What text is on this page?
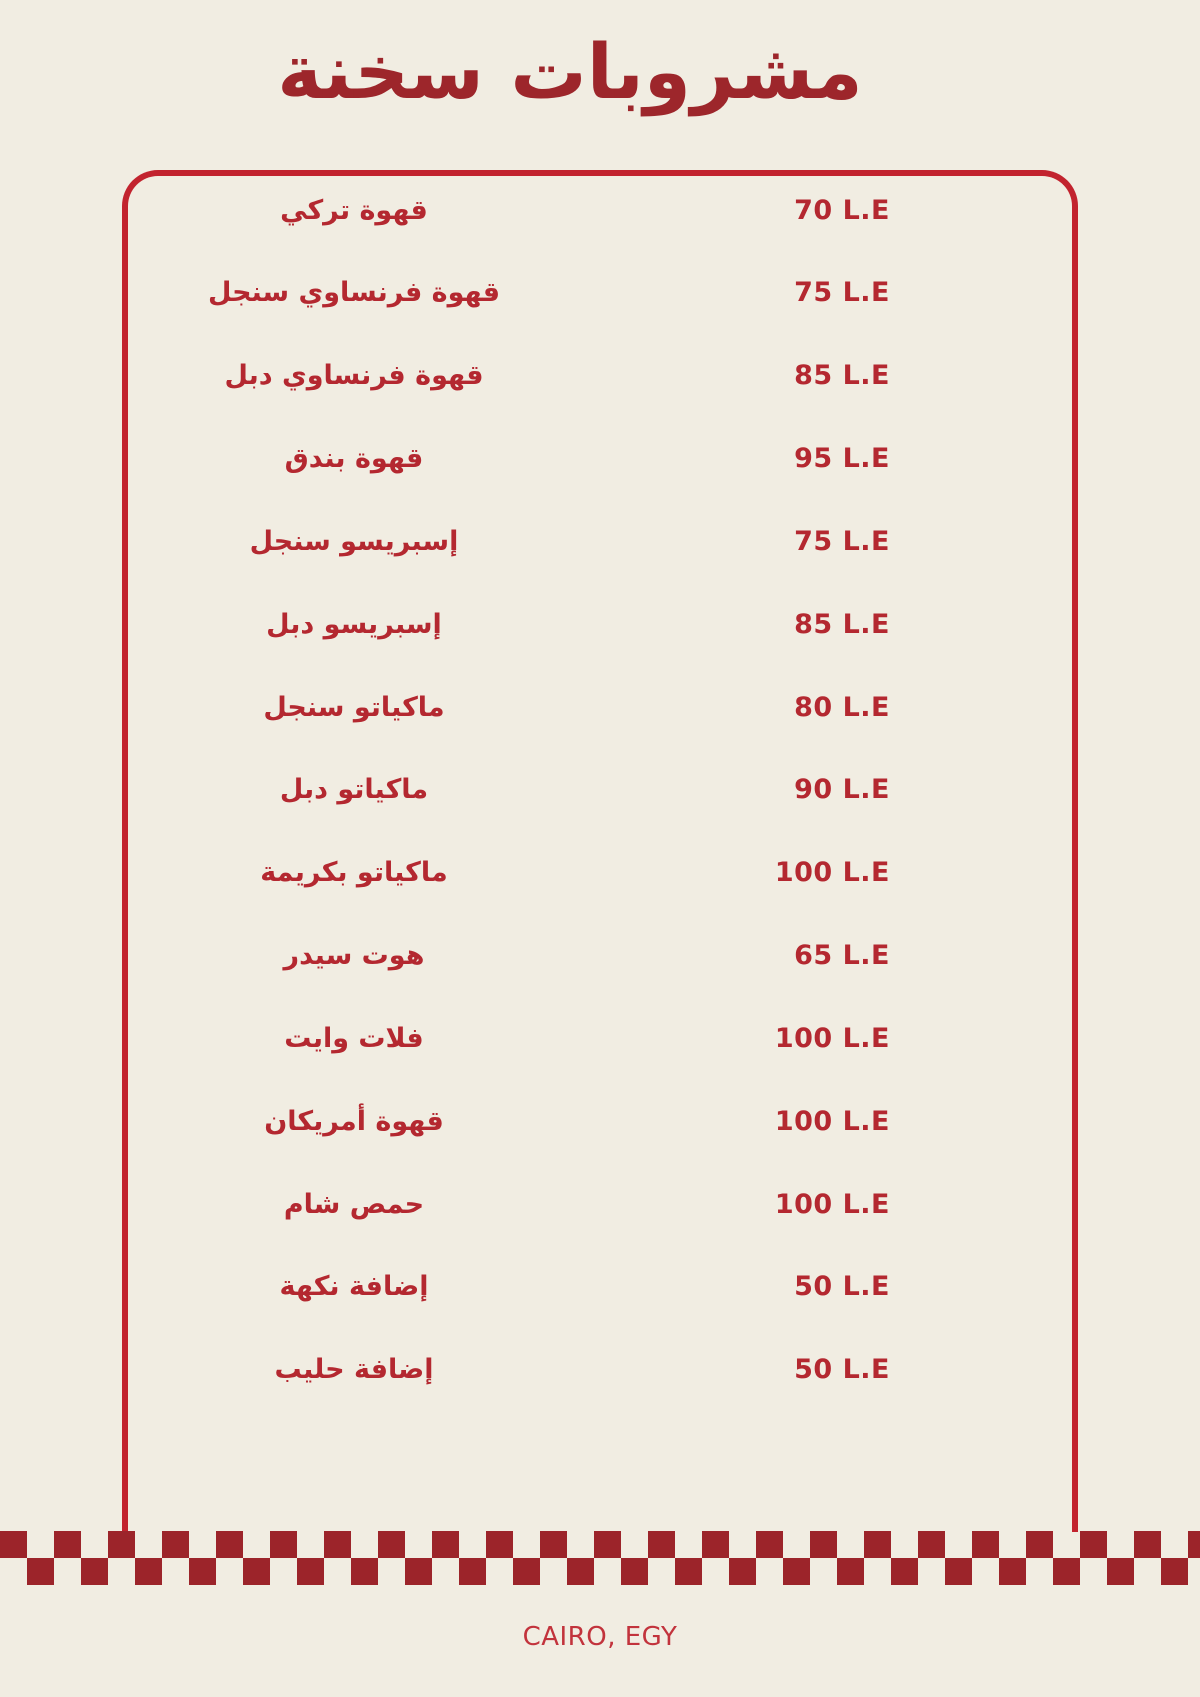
مشروبات سخنة
قهوة تركي	70 L.E
قهوة فرنساوي سنجل	75 L.E
قهوة فرنساوي دبل	85 L.E
قهوة بندق	95 L.E
إسبريسو سنجل	75 L.E
إسبريسو دبل	85 L.E
ماكياتو سنجل	80 L.E
ماكياتو دبل	90 L.E
ماكياتو بكريمة	100 L.E
هوت سيدر	65 L.E
فلات وايت	100 L.E
قهوة أمريكان	100 L.E
حمص شام	100 L.E
إضافة نكهة	50 L.E
إضافة حليب	50 L.E
CAIRO, EGY
